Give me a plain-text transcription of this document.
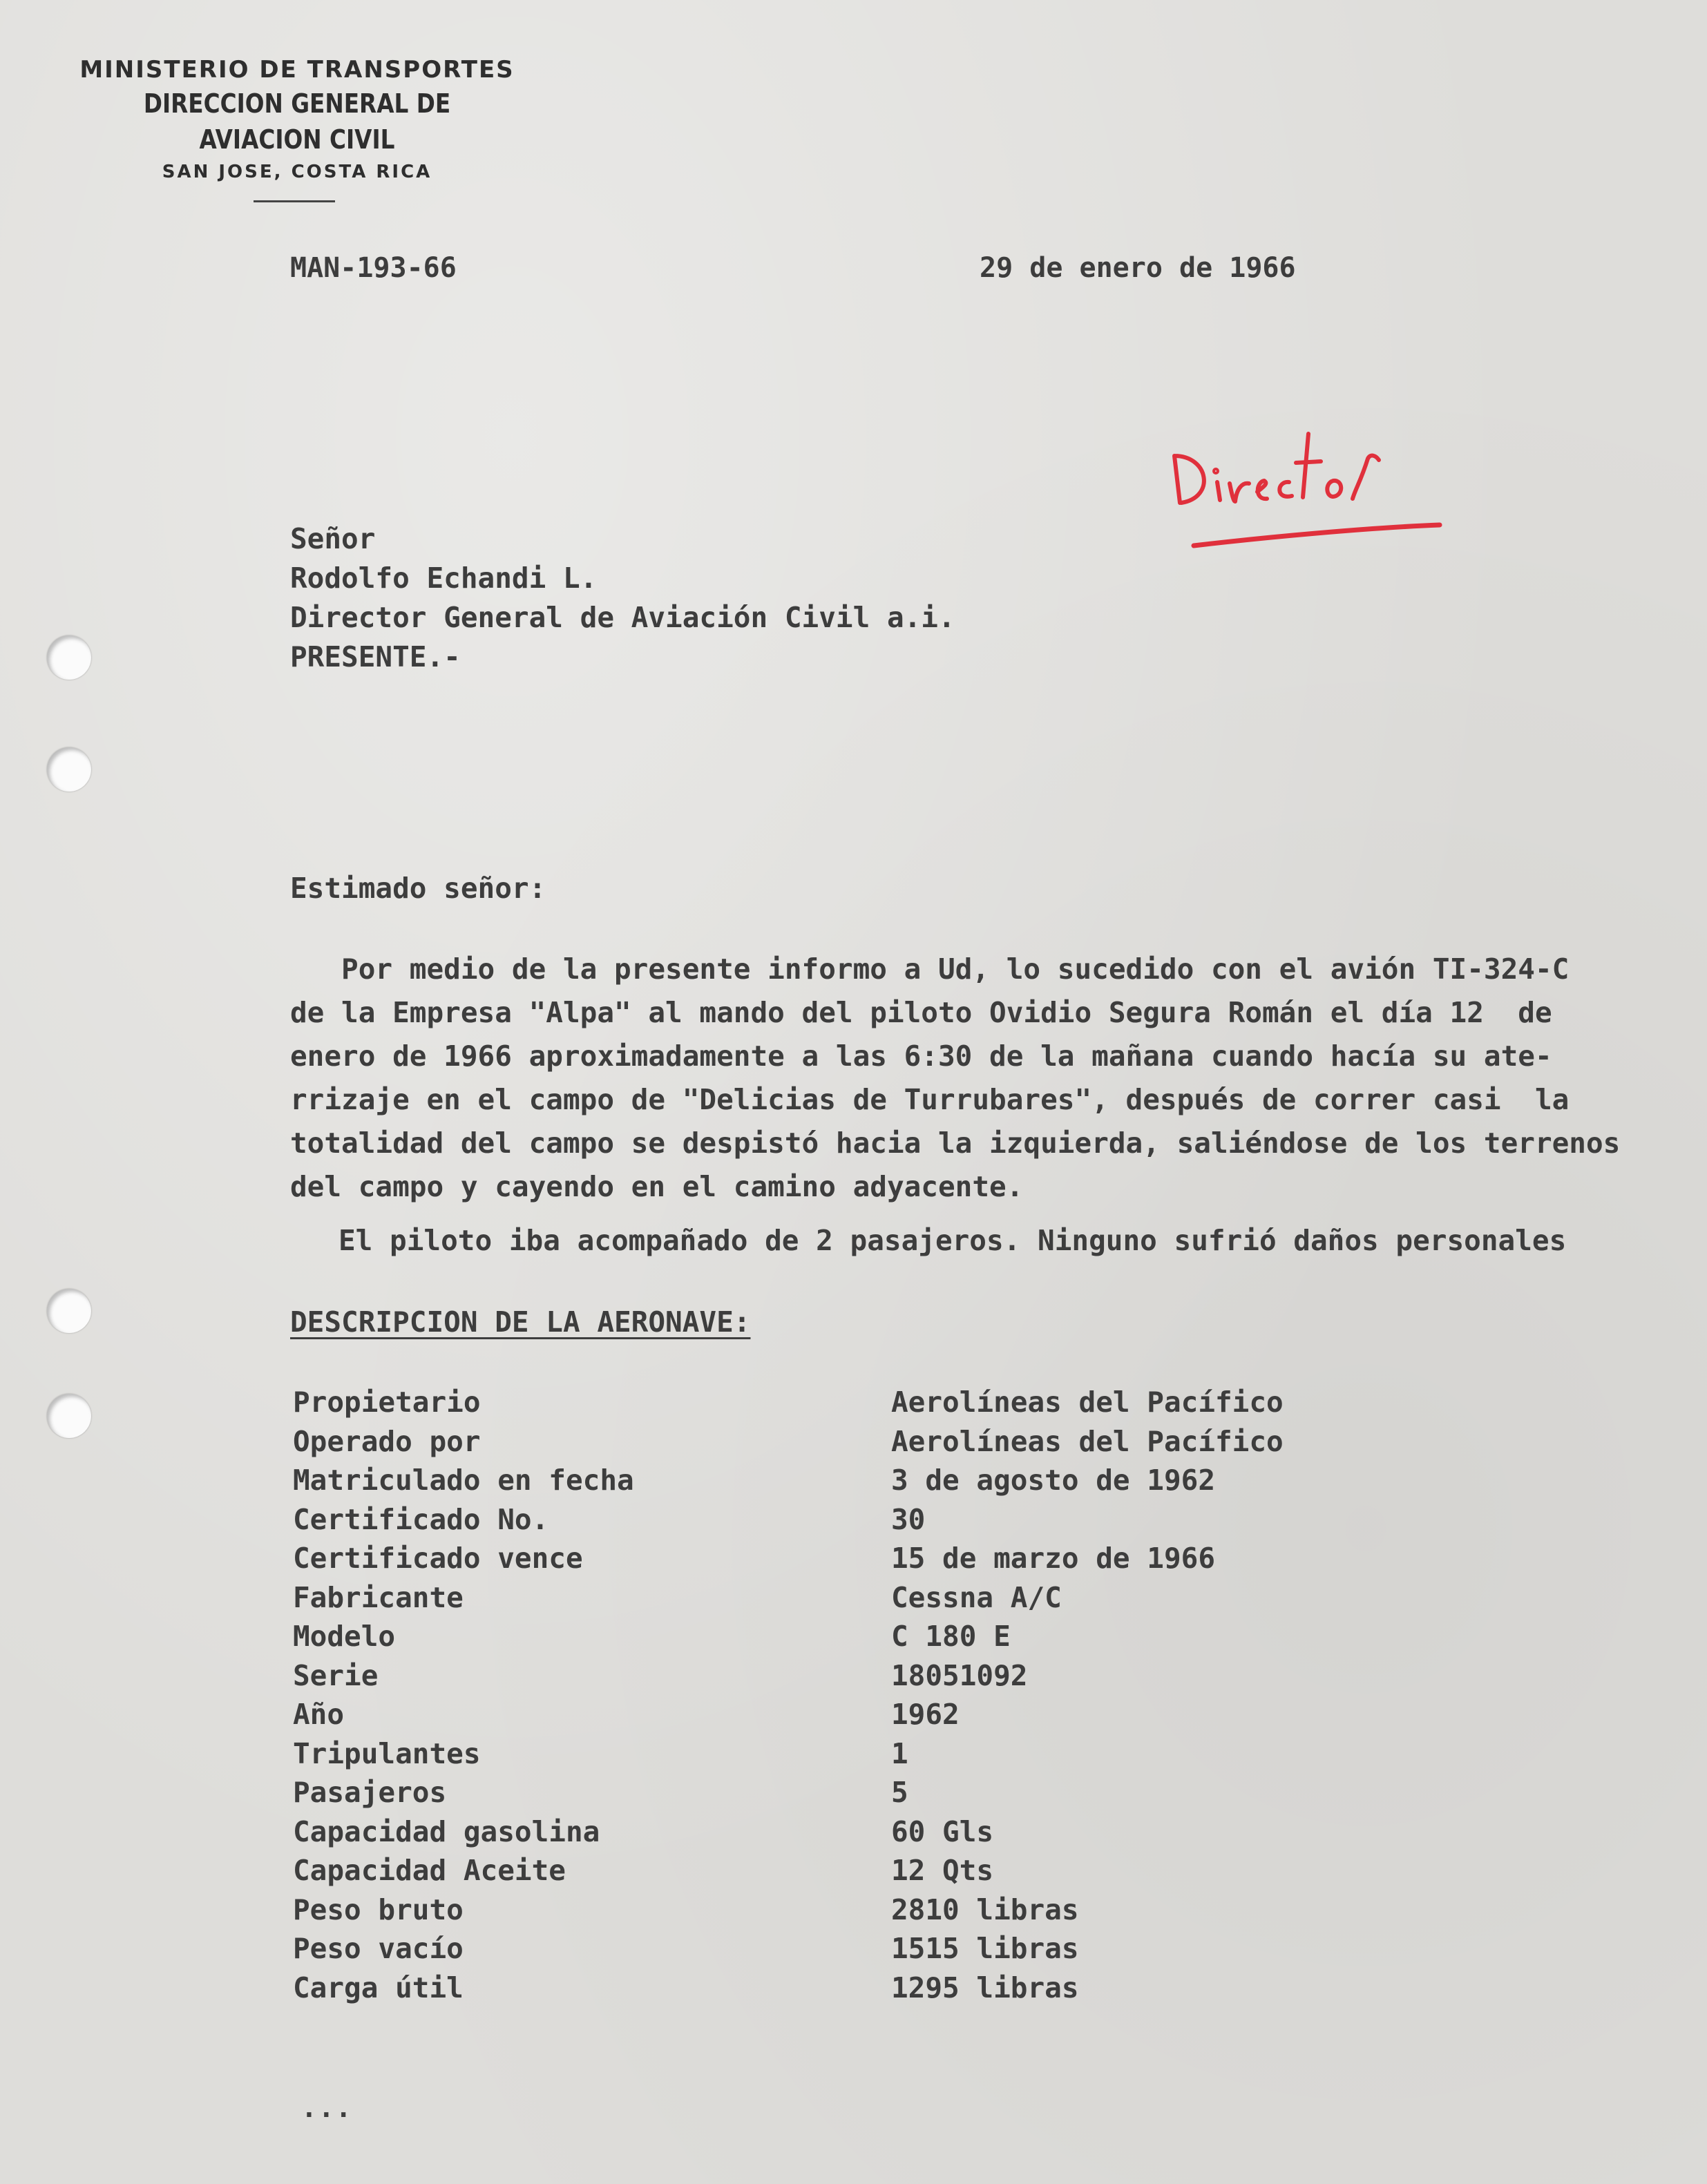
MINISTERIO DE TRANSPORTES
DIRECCION GENERAL DE AVIACION CIVIL
SAN JOSE, COSTA RICA
MAN-193-66	29 de enero de 1966
Señor
Rodolfo Echandi L.
Director General de Aviación Civil a.i.
PRESENTE.-
Estimado señor:
Por medio de la presente informo a Ud, lo sucedido con el avión TI-324-C
de la Empresa "Alpa" al mando del piloto Ovidio Segura Román el día 12  de
enero de 1966 aproximadamente a las 6:30 de la mañana cuando hacía su ate-
rrizaje en el campo de "Delicias de Turrubares", después de correr casi  la
totalidad del campo se despistó hacia la izquierda, saliéndose de los terrenos
del campo y cayendo en el camino adyacente.
El piloto iba acompañado de 2 pasajeros. Ninguno sufrió daños personales
DESCRIPCION DE LA AERONAVE:
Propietario	Aerolíneas del Pacífico
Operado por	Aerolíneas del Pacífico
Matriculado en fecha	3 de agosto de 1962
Certificado No.	30
Certificado vence	15 de marzo de 1966
Fabricante	Cessna A/C
Modelo	C 180 E
Serie	18051092
Año	1962
Tripulantes	1
Pasajeros	5
Capacidad gasolina	60 Gls
Capacidad Aceite	12 Qts
Peso bruto	2810 libras
Peso vacío	1515 libras
Carga útil	1295 libras
...
